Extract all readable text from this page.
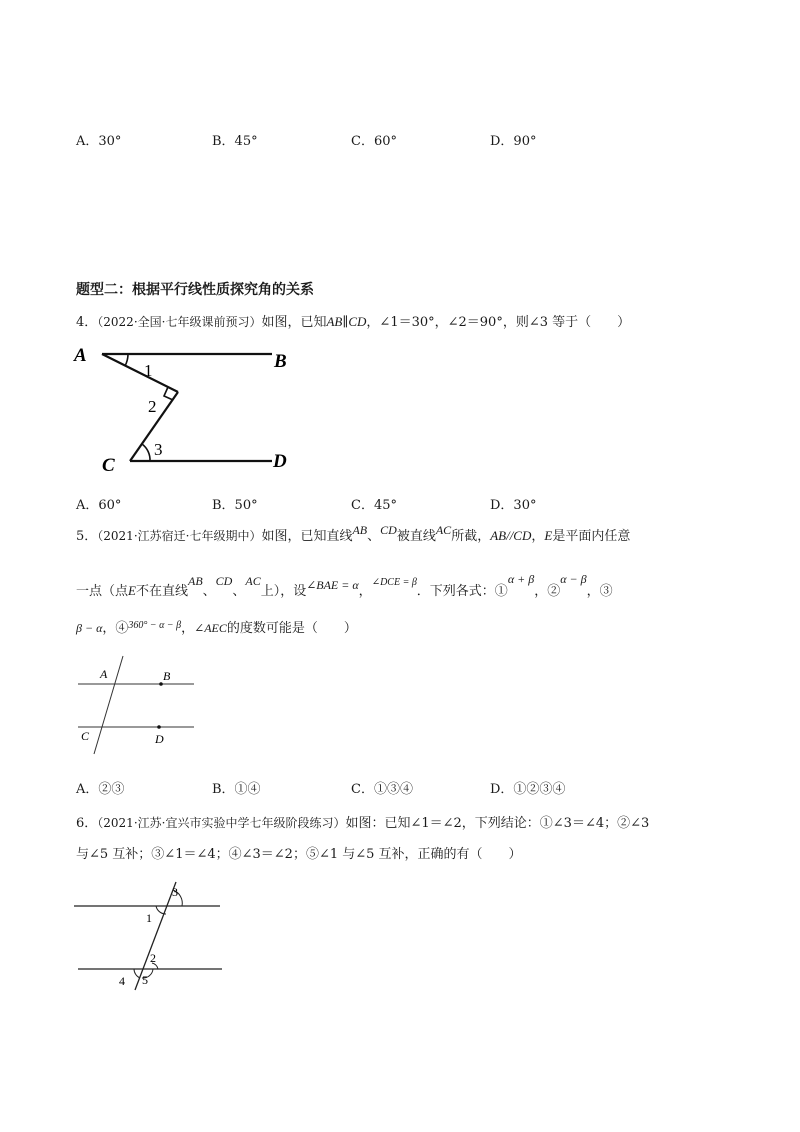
A．30°	B．45°	C．60°	D．90°
题型二：根据平行线性质探究角的关系
4．（2022·全国·七年级课前预习）如图，已知AB∥CD，∠1＝30°，∠2＝90°，则∠3 等于（　　）
A	B
C	D
1
2
3
A．60°	B．50°	C．45°	D．30°
5．（2021·江苏宿迁·七年级期中）如图，已知直线AB、CD被直线AC所截，AB//CD，E是平面内任意
一点（点E不在直线AB、CD、AC上），设∠BAE = α，$^{\angle DCE = \beta}$．下列各式：①α + β，②α − β，③
β − α，④$^{360^\circ - \alpha - \beta}$，∠AEC的度数可能是（　　）
A	B
C	D
A．②③	B．①④	C．①③④	D．①②③④
6．（2021·江苏·宜兴市实验中学七年级阶段练习）如图：已知∠1＝∠2，下列结论：①∠3＝∠4；②∠3
与∠5 互补；③∠1＝∠4；④∠3＝∠2；⑤∠1 与∠5 互补，正确的有（　　）
1
2
3
4 5
